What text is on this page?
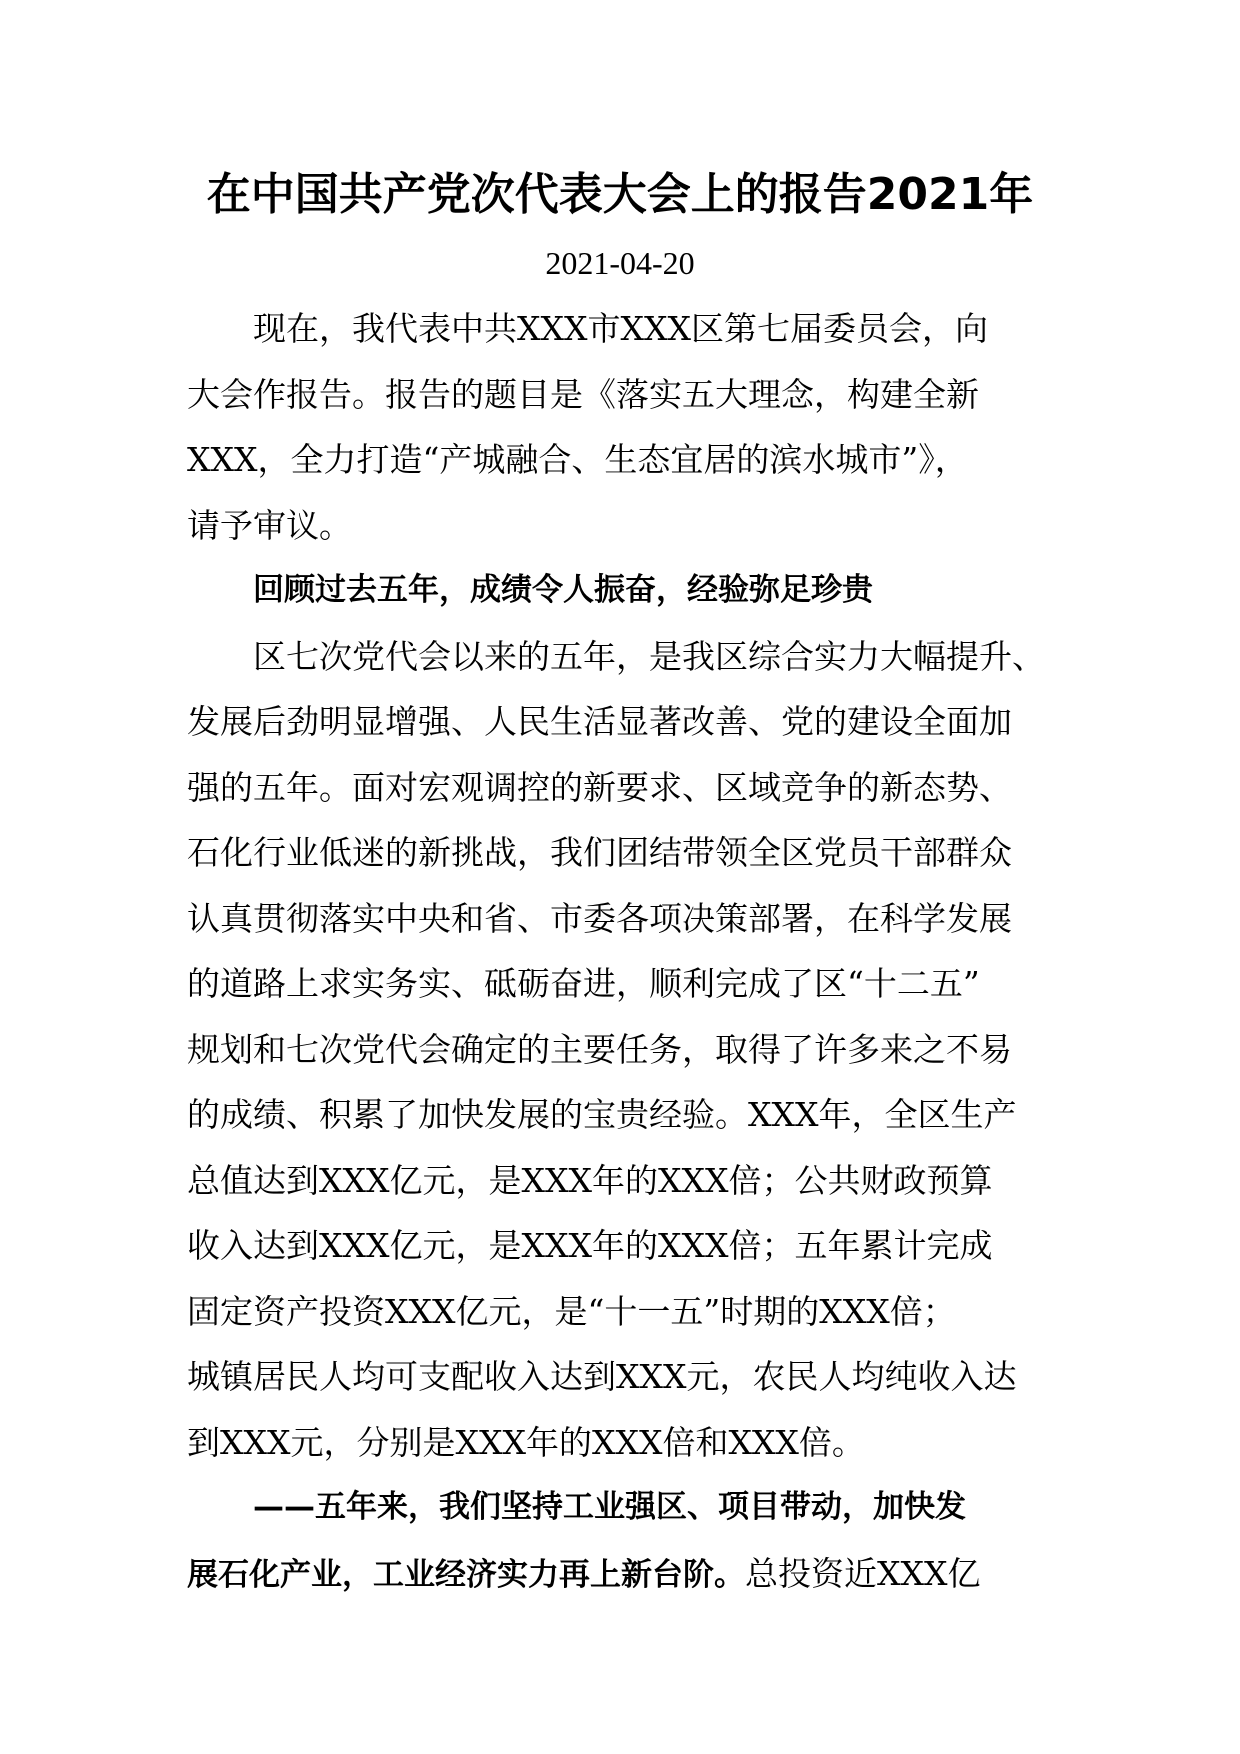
在中国共产党次代表大会上的报告2021年
2021-04-20
现在，我代表中共XXX市XXX区第七届委员会，向
大会作报告。报告的题目是《落实五大理念，构建全新
XXX，全力打造“产城融合、生态宜居的滨水城市”》，
请予审议。
回顾过去五年，成绩令人振奋，经验弥足珍贵
区七次党代会以来的五年，是我区综合实力大幅提升、
发展后劲明显增强、人民生活显著改善、党的建设全面加
强的五年。面对宏观调控的新要求、区域竞争的新态势、
石化行业低迷的新挑战，我们团结带领全区党员干部群众
认真贯彻落实中央和省、市委各项决策部署，在科学发展
的道路上求实务实、砥砺奋进，顺利完成了区“十二五”
规划和七次党代会确定的主要任务，取得了许多来之不易
的成绩、积累了加快发展的宝贵经验。XXX年，全区生产
总值达到XXX亿元，是XXX年的XXX倍；公共财政预算
收入达到XXX亿元，是XXX年的XXX倍；五年累计完成
固定资产投资XXX亿元，是“十一五”时期的XXX倍；
城镇居民人均可支配收入达到XXX元，农民人均纯收入达
到XXX元，分别是XXX年的XXX倍和XXX倍。
——五年来，我们坚持工业强区、项目带动，加快发
展石化产业，工业经济实力再上新台阶。总投资近XXX亿
